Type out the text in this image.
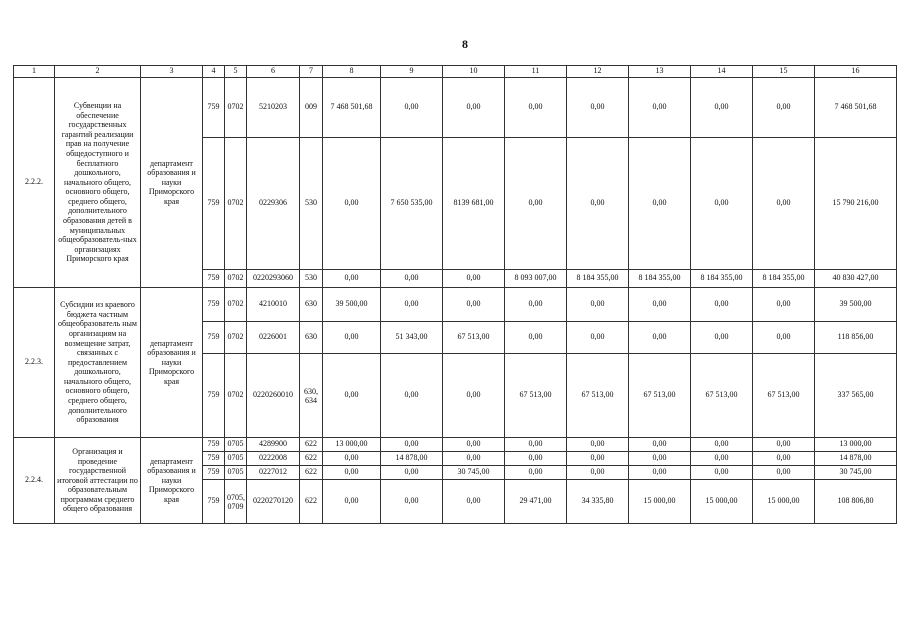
8
1	2	3	4	5	6	7	8	9	10	11	12	13	14	15	16
2.2.2.	Субвенции на обеспечение государственных гарантий реализации прав на получение общедоступного и бесплатного дошкольного, начального общего, основного общего, среднего общего, дополнительного образования детей в муниципальных общеобразователь-ных организациях Приморского края	департамент образования и науки Приморского края	759	0702	5210203	009	7 468 501,68	0,00	0,00	0,00	0,00	0,00	0,00	0,00	7 468 501,68
			759	0702	0229306	530	0,00	7 650 535,00	8139 681,00	0,00	0,00	0,00	0,00	0,00	15 790 216,00
			759	0702	0220293060	530	0,00	0,00	0,00	8 093 007,00	8 184 355,00	8 184 355,00	8 184 355,00	8 184 355,00	40 830 427,00
2.2.3.	Субсидии из краевого бюджета частным общеобразователь ным организациям на возмещение затрат, связанных с предоставлением дошкольного, начального общего, основного общего, среднего общего, дополнительного образования	департамент образования и науки Приморского края	759	0702	4210010	630	39 500,00	0,00	0,00	0,00	0,00	0,00	0,00	0,00	39 500,00
			759	0702	0226001	630	0,00	51 343,00	67 513,00	0,00	0,00	0,00	0,00	0,00	118 856,00
			759	0702	0220260010	630, 634	0,00	0,00	0,00	67 513,00	67 513,00	67 513,00	67 513,00	67 513,00	337 565,00
2.2.4.	Организация и проведение государственной итоговой аттестации по образовательным программам среднего общего образования	департамент образования и науки Приморского края	759	0705	4289900	622	13 000,00	0,00	0,00	0,00	0,00	0,00	0,00	0,00	13 000,00
			759	0705	0222008	622	0,00	14 878,00	0,00	0,00	0,00	0,00	0,00	0,00	14 878,00
			759	0705	0227012	622	0,00	0,00	30 745,00	0,00	0,00	0,00	0,00	0,00	30 745,00
			759	0705, 0709	0220270120	622	0,00	0,00	0,00	29 471,00	34 335,80	15 000,00	15 000,00	15 000,00	108 806,80
